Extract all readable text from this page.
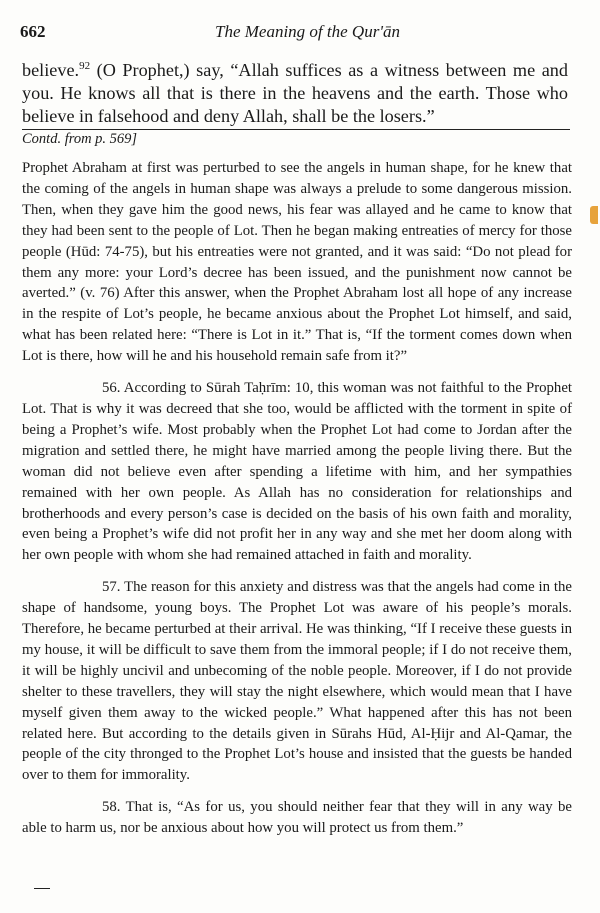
662	The Meaning of the Qur'ān
believe.$^{92}$ (O Prophet,) say, “Allah suffices as a witness between me and you. He knows all that is there in the heavens and the earth. Those who believe in falsehood and deny Allah, shall be the losers.”
Contd. from p. 569]

Prophet Abraham at first was perturbed to see the angels in human shape, for he knew that the coming of the angels in human shape was always a prelude to some dangerous mission. Then, when they gave him the good news, his fear was allayed and he came to know that they had been sent to the people of Lot. Then he began making entreaties of mercy for those people (Hūd: 74-75), but his entreaties were not granted, and it was said: “Do not plead for them any more: your Lord’s decree has been issued, and the punishment now cannot be averted.” (v. 76) After this answer, when the Prophet Abraham lost all hope of any increase in the respite of Lot’s people, he became anxious about the Prophet Lot himself, and said, what has been related here: “There is Lot in it.” That is, “If the torment comes down when Lot is there, how will he and his household remain safe from it?”

56. According to Sūrah Taḥrīm: 10, this woman was not faithful to the Prophet Lot. That is why it was decreed that she too, would be afflicted with the torment in spite of being a Prophet’s wife. Most probably when the Prophet Lot had come to Jordan after the migration and settled there, he might have married among the people living there. But the woman did not believe even after spending a lifetime with him, and her sympathies remained with her own people. As Allah has no consideration for relationships and brotherhoods and every person’s case is decided on the basis of his own faith and morality, even being a Prophet’s wife did not profit her in any way and she met her doom along with her own people with whom she had remained attached in faith and morality.

57. The reason for this anxiety and distress was that the angels had come in the shape of handsome, young boys. The Prophet Lot was aware of his people’s morals. Therefore, he became perturbed at their arrival. He was thinking, “If I receive these guests in my house, it will be difficult to save them from the immoral people; if I do not receive them, it will be highly uncivil and unbecoming of the noble people. Moreover, if I do not provide shelter to these travellers, they will stay the night elsewhere, which would mean that I have myself given them away to the wicked people.” What happened after this has not been related here. But according to the details given in Sūrahs Hūd, Al-Ḥijr and Al-Qamar, the people of the city thronged to the Prophet Lot’s house and insisted that the guests be handed over to them for immorality.

58. That is, “As for us, you should neither fear that they will in any way be able to harm us, nor be anxious about how you will protect us from them.”
